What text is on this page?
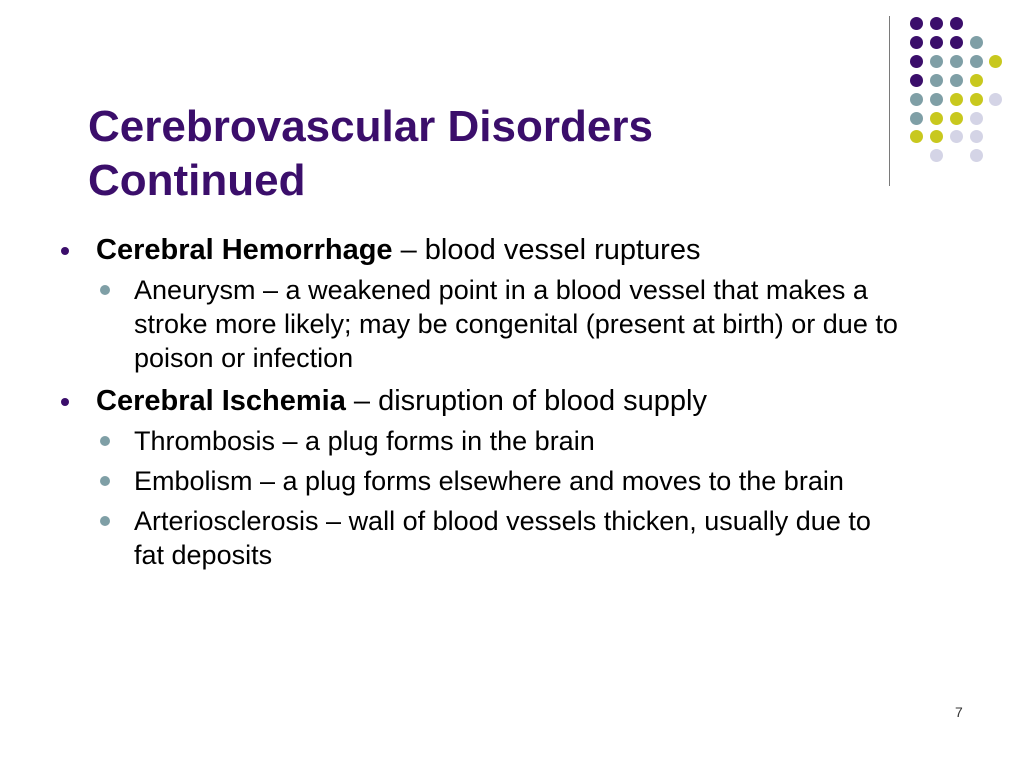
Cerebrovascular Disorders
Continued
Cerebral Hemorrhage – blood vessel ruptures
Aneurysm – a weakened point in a blood vessel that makes a stroke more likely; may be congenital (present at birth) or due to poison or infection
Cerebral Ischemia – disruption of blood supply
Thrombosis – a plug forms in the brain
Embolism – a plug forms elsewhere and moves to the brain
Arteriosclerosis – wall of blood vessels thicken, usually due to fat deposits
7
